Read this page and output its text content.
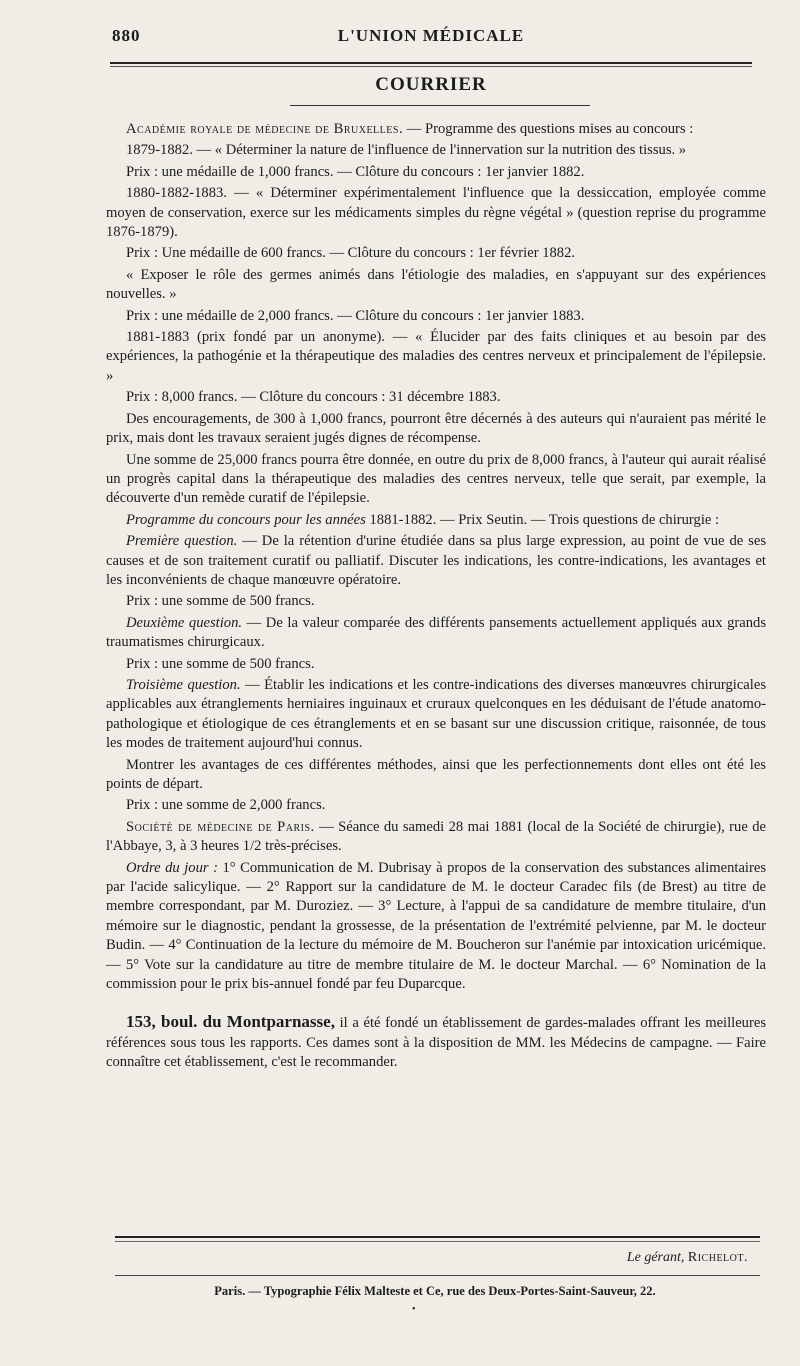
880	L'UNION MÉDICALE
COURRIER

Académie royale de médecine de Bruxelles. — Programme des questions mises au concours :

1879-1882. — « Déterminer la nature de l'influence de l'innervation sur la nutrition des tissus. »

Prix : une médaille de 1,000 francs. — Clôture du concours : 1er janvier 1882.

1880-1882-1883. — « Déterminer expérimentalement l'influence que la dessiccation, employée comme moyen de conservation, exerce sur les médicaments simples du règne végétal » (question reprise du programme 1876-1879).

Prix : Une médaille de 600 francs. — Clôture du concours : 1er février 1882.

« Exposer le rôle des germes animés dans l'étiologie des maladies, en s'appuyant sur des expériences nouvelles. »

Prix : une médaille de 2,000 francs. — Clôture du concours : 1er janvier 1883.

1881-1883 (prix fondé par un anonyme). — « Élucider par des faits cliniques et au besoin par des expériences, la pathogénie et la thérapeutique des maladies des centres nerveux et principalement de l'épilepsie. »

Prix : 8,000 francs. — Clôture du concours : 31 décembre 1883.

Des encouragements, de 300 à 1,000 francs, pourront être décernés à des auteurs qui n'auraient pas mérité le prix, mais dont les travaux seraient jugés dignes de récompense.

Une somme de 25,000 francs pourra être donnée, en outre du prix de 8,000 francs, à l'auteur qui aurait réalisé un progrès capital dans la thérapeutique des maladies des centres nerveux, telle que serait, par exemple, la découverte d'un remède curatif de l'épilepsie.

Programme du concours pour les années 1881-1882. — Prix Seutin. — Trois questions de chirurgie :

Première question. — De la rétention d'urine étudiée dans sa plus large expression, au point de vue de ses causes et de son traitement curatif ou palliatif. Discuter les indications, les contre-indications, les avantages et les inconvénients de chaque manœuvre opératoire.

Prix : une somme de 500 francs.

Deuxième question. — De la valeur comparée des différents pansements actuellement appliqués aux grands traumatismes chirurgicaux.

Prix : une somme de 500 francs.

Troisième question. — Établir les indications et les contre-indications des diverses manœuvres chirurgicales applicables aux étranglements herniaires inguinaux et cruraux quelconques en les déduisant de l'étude anatomo-pathologique et étiologique de ces étranglements et en se basant sur une discussion critique, raisonnée, de tous les modes de traitement aujourd'hui connus.

Montrer les avantages de ces différentes méthodes, ainsi que les perfectionnements dont elles ont été les points de départ.

Prix : une somme de 2,000 francs.

Société de médecine de Paris. — Séance du samedi 28 mai 1881 (local de la Société de chirurgie), rue de l'Abbaye, 3, à 3 heures 1/2 très-précises.

Ordre du jour : 1° Communication de M. Dubrisay à propos de la conservation des substances alimentaires par l'acide salicylique. — 2° Rapport sur la candidature de M. le docteur Caradec fils (de Brest) au titre de membre correspondant, par M. Duroziez. — 3° Lecture, à l'appui de sa candidature de membre titulaire, d'un mémoire sur le diagnostic, pendant la grossesse, de la présentation de l'extrémité pelvienne, par M. le docteur Budin. — 4° Continuation de la lecture du mémoire de M. Boucheron sur l'anémie par intoxication uricémique. — 5° Vote sur la candidature au titre de membre titulaire de M. le docteur Marchal. — 6° Nomination de la commission pour le prix bis-annuel fondé par feu Duparcque.

153, boul. du Montparnasse, il a été fondé un établissement de gardes-malades offrant les meilleures références sous tous les rapports. Ces dames sont à la disposition de MM. les Médecins de campagne. — Faire connaître cet établissement, c'est le recommander.

Le gérant, Richelot.
Paris. — Typographie Félix Malteste et Ce, rue des Deux-Portes-Saint-Sauveur, 22.
•
